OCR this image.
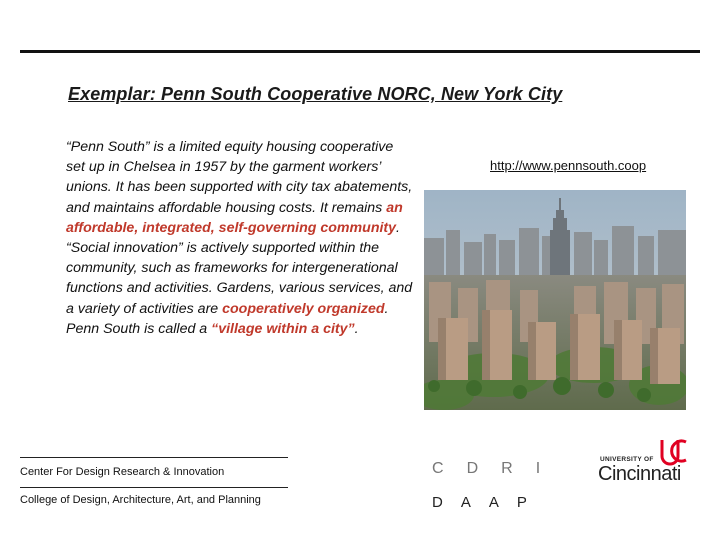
Exemplar: Penn South Cooperative NORC, New York City
“Penn South” is a limited equity housing cooperative set up in Chelsea in 1957 by the garment workers’ unions. It has been supported with city tax abatements, and maintains affordable housing costs. It remains an affordable, integrated, self-governing community. “Social innovation” is actively supported within the community, such as frameworks for intergenerational functions and activities. Gardens, various services, and a variety of activities are cooperatively organized. Penn South is called a “village within a city”.
http://www.pennsouth.coop
Center For Design Research & Innovation
College of Design, Architecture, Art, and Planning
C D R I
D A A P
UNIVERSITY OF
Cincinnati
